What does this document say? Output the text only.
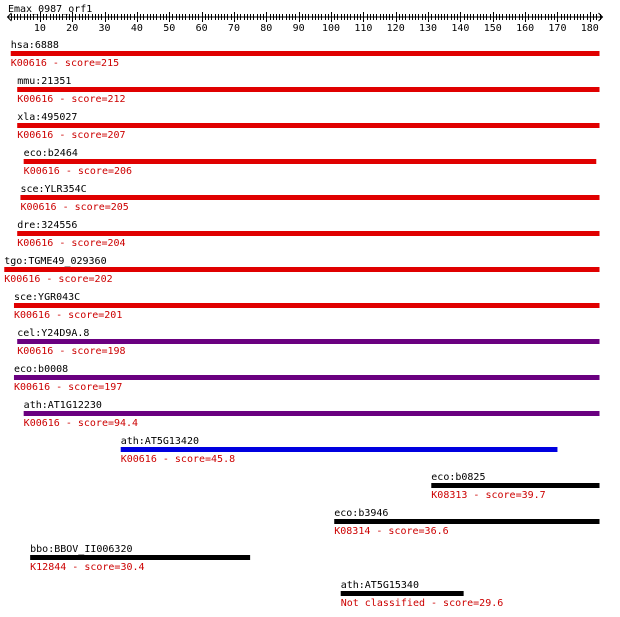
Emax_0987_orf1
10 20 30 40 50 60 70 80 90 100 110 120 130 140 150 160 170 180
hsa:6888
K00616 - score=215
mmu:21351
K00616 - score=212
xla:495027
K00616 - score=207
eco:b2464
K00616 - score=206
sce:YLR354C
K00616 - score=205
dre:324556
K00616 - score=204
tgo:TGME49_029360
K00616 - score=202
sce:YGR043C
K00616 - score=201
cel:Y24D9A.8
K00616 - score=198
eco:b0008
K00616 - score=197
ath:AT1G12230
K00616 - score=94.4
ath:AT5G13420
K00616 - score=45.8
eco:b0825
K08313 - score=39.7
eco:b3946
K08314 - score=36.6
bbo:BBOV_II006320
K12844 - score=30.4
ath:AT5G15340
Not classified - score=29.6
